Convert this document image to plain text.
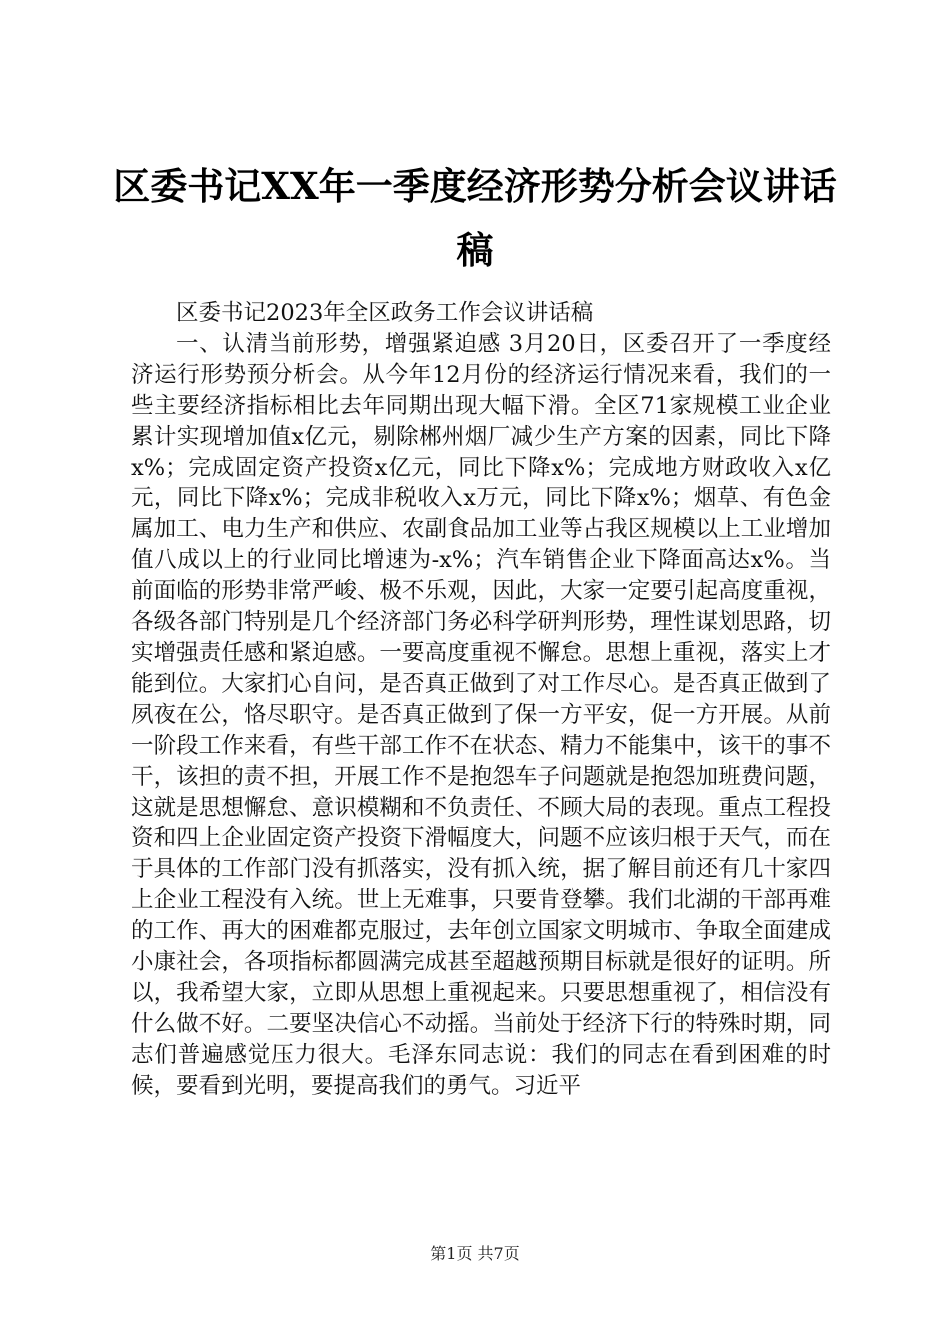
区委书记XX年一季度经济形势分析会议讲话稿

区委书记2023年全区政务工作会议讲话稿

一、认清当前形势，增强紧迫感 3月20日，区委召开了一季度经济运行形势预分析会。从今年12月份的经济运行情况来看，我们的一些主要经济指标相比去年同期出现大幅下滑。全区71家规模工业企业累计实现增加值x亿元，剔除郴州烟厂减少生产方案的因素，同比下降x%；完成固定资产投资x亿元，同比下降x%；完成地方财政收入x亿元，同比下降x%；完成非税收入x万元，同比下降x%；烟草、有色金属加工、电力生产和供应、农副食品加工业等占我区规模以上工业增加值八成以上的行业同比增速为-x%；汽车销售企业下降面高达x%。当前面临的形势非常严峻、极不乐观，因此，大家一定要引起高度重视，各级各部门特别是几个经济部门务必科学研判形势，理性谋划思路，切实增强责任感和紧迫感。一要高度重视不懈怠。思想上重视，落实上才能到位。大家扪心自问，是否真正做到了对工作尽心。是否真正做到了夙夜在公，恪尽职守。是否真正做到了保一方平安，促一方开展。从前一阶段工作来看，有些干部工作不在状态、精力不能集中，该干的事不干，该担的责不担，开展工作不是抱怨车子问题就是抱怨加班费问题，这就是思想懈怠、意识模糊和不负责任、不顾大局的表现。重点工程投资和四上企业固定资产投资下滑幅度大，问题不应该归根于天气，而在于具体的工作部门没有抓落实，没有抓入统，据了解目前还有几十家四上企业工程没有入统。世上无难事，只要肯登攀。我们北湖的干部再难的工作、再大的困难都克服过，去年创立国家文明城市、争取全面建成小康社会，各项指标都圆满完成甚至超越预期目标就是很好的证明。所以，我希望大家，立即从思想上重视起来。只要思想重视了，相信没有什么做不好。二要坚决信心不动摇。当前处于经济下行的特殊时期，同志们普遍感觉压力很大。毛泽东同志说：我们的同志在看到困难的时候，要看到光明，要提高我们的勇气。习近平

第1页 共7页
